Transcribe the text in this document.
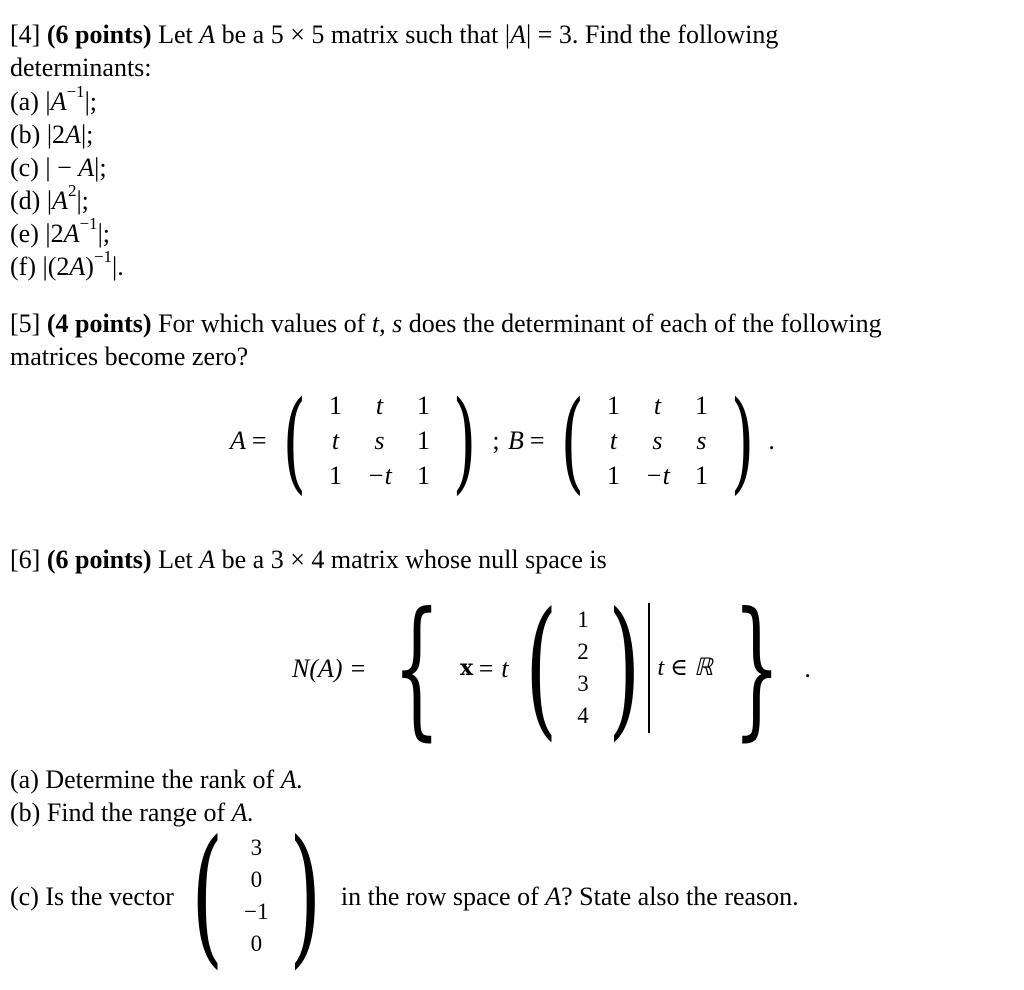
[4] (6 points) Let A be a 5 × 5 matrix such that |A| = 3. Find the following
determinants:
(a) $|A^{-1}|$;
(b) |2A|;
(c) | − A|;
(d) $|A^2|$;
(e) $|2A^{-1}|$;
(f) $|(2A)^{-1}|$.
[5] (4 points) For which values of t, s does the determinant of each of the following
matrices become zero?
A = ( 1	t	1
t	s	1
1 −t 1 ) ; B = ( 1	t	1
t	s	s
1 −t 1 ) .
[6] (6 points) Let A be a 3 × 4 matrix whose null space is
N(A) = { x = t ( 1
2
3
4 ) t ∈ ℝ } .
(a) Determine the rank of A.
(b) Find the range of A.
(c) Is the vector (	3
0
−1
0 ) in the row space of
A ? State also the reason.
